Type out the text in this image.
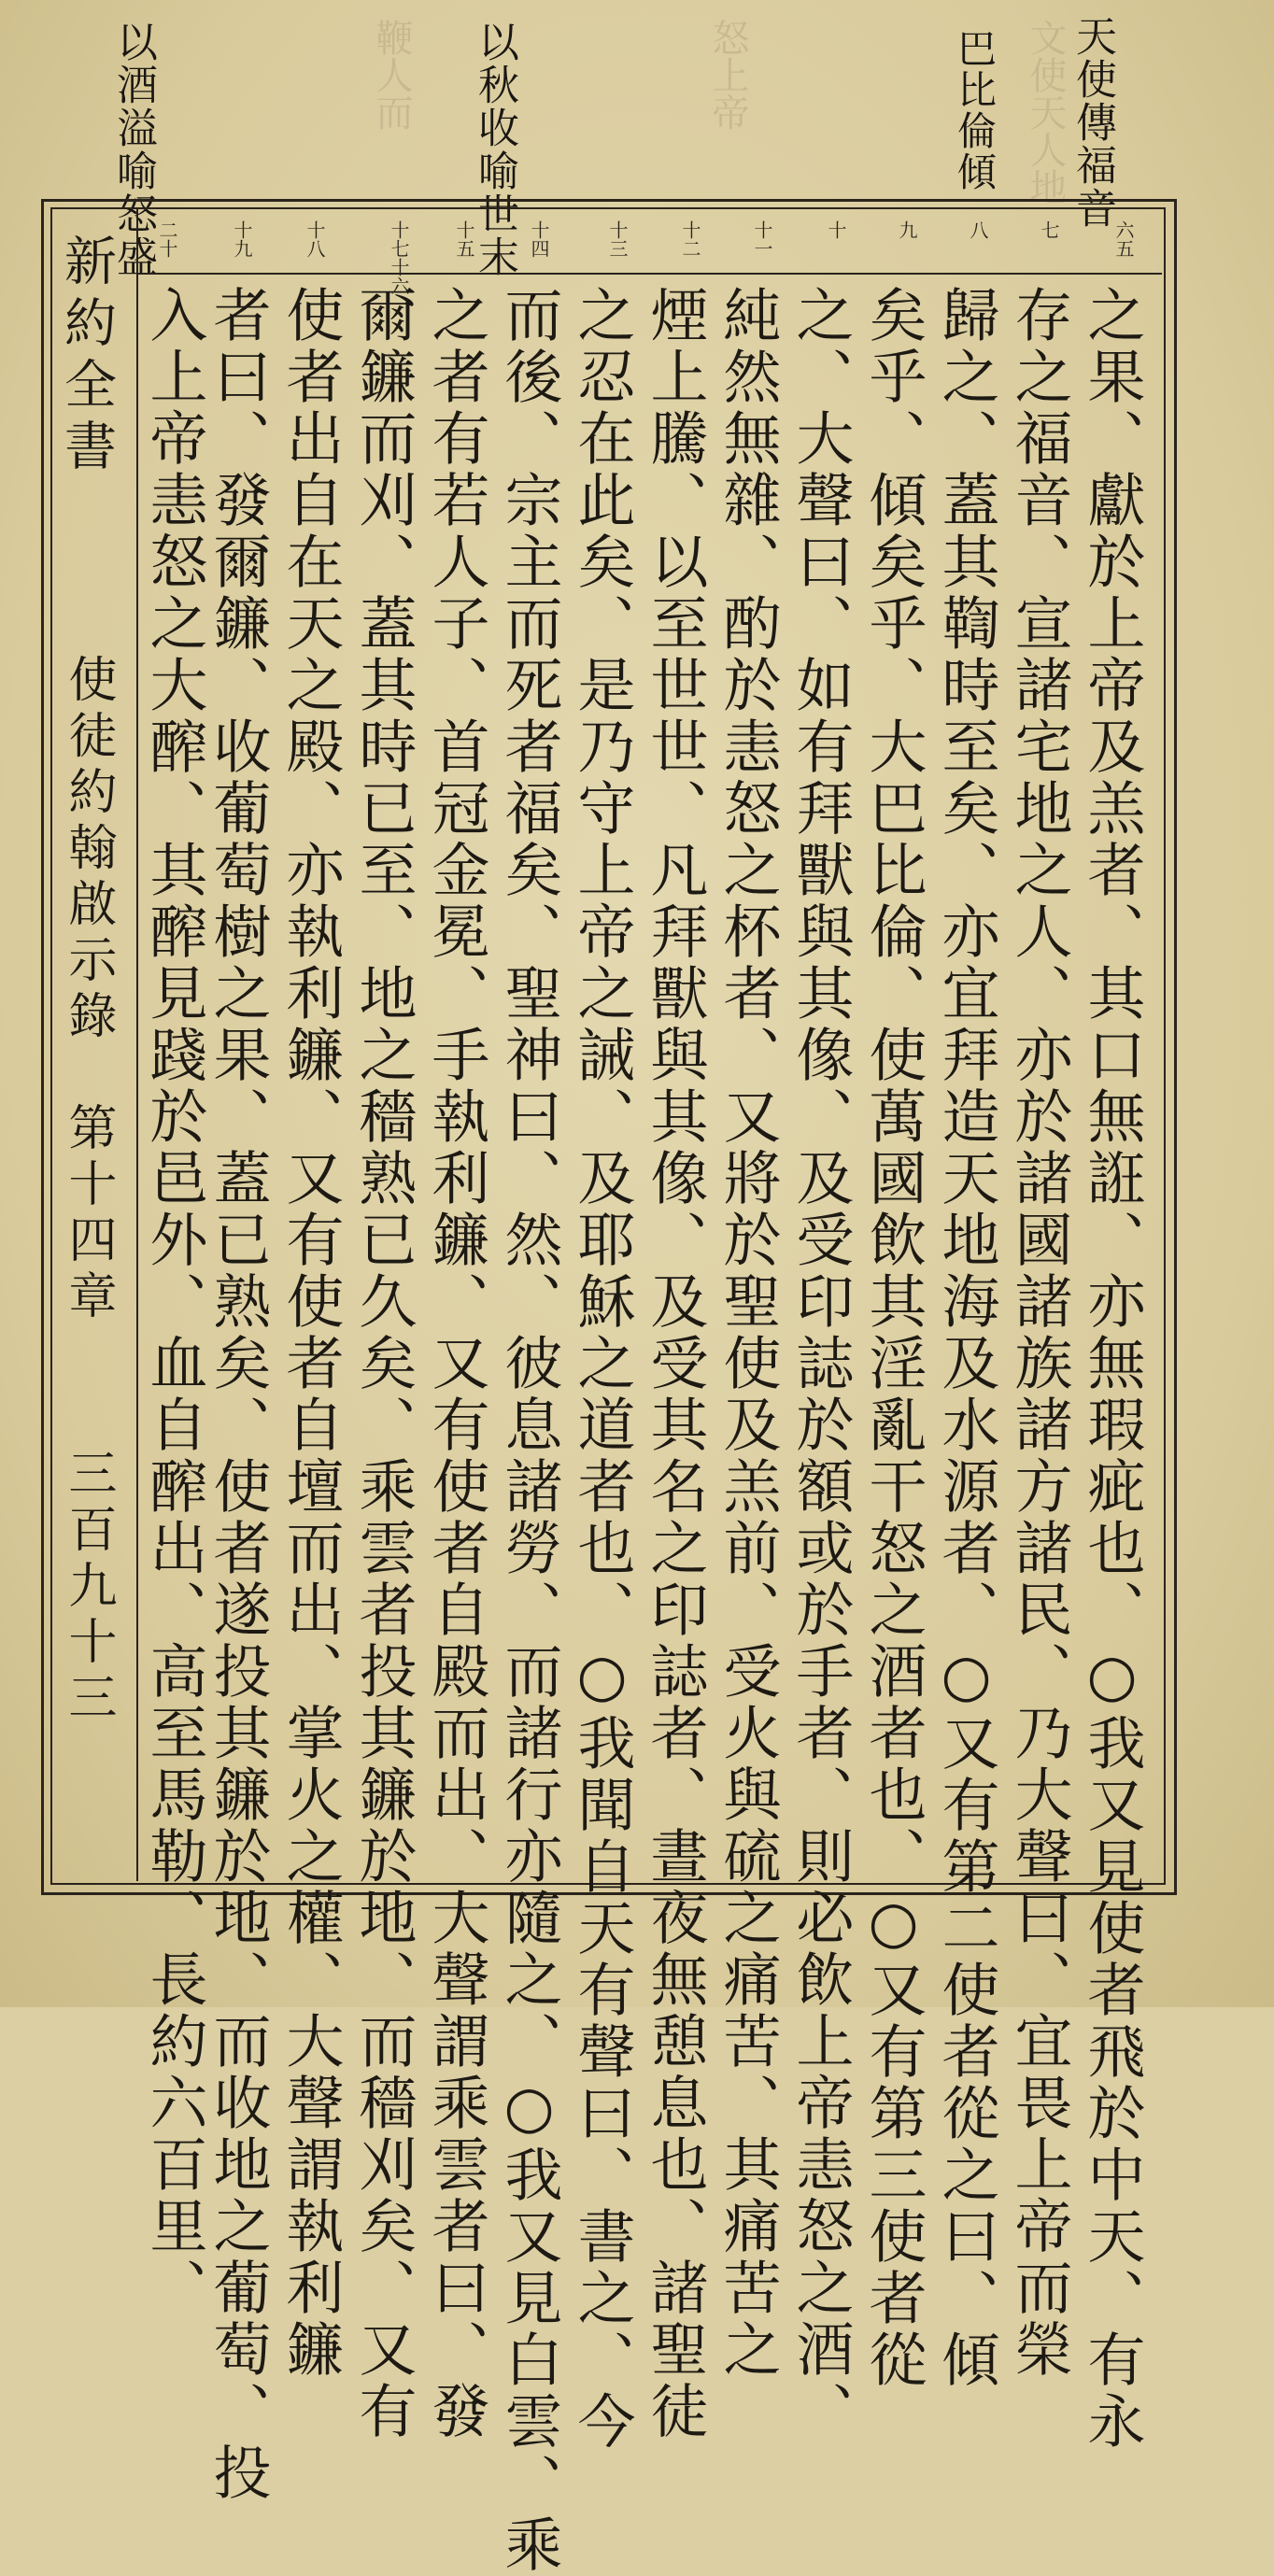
天使傳福音
巴比倫傾
以秋收喻世末
以酒溢喻怒盛	文使天人地
怒上帝
鞭人而
六五
七
八
九
十
十一
十二
十三
十四
十五
十七十六
十八
十九
二十
之果、獻於上帝及羔者、其口無誑、亦無瑕疵也、○我又見使者飛於中天、有永
存之福音、宣諸宅地之人、亦於諸國諸族諸方諸民、乃大聲曰、宜畏上帝而榮
歸之、蓋其鞫時至矣、亦宜拜造天地海及水源者、○又有第二使者從之曰、傾
矣乎、傾矣乎、大巴比倫、使萬國飲其淫亂干怒之酒者也、○又有第三使者從
之、大聲曰、如有拜獸與其像、及受印誌於額或於手者、則必飲上帝恚怒之酒、
純然無雜、酌於恚怒之杯者、又將於聖使及羔前、受火與硫之痛苦、其痛苦之
煙上騰、以至世世、凡拜獸與其像、及受其名之印誌者、晝夜無憩息也、諸聖徒
之忍在此矣、是乃守上帝之誡、及耶穌之道者也、○我聞自天有聲曰、書之、今
而後、宗主而死者福矣、聖神曰、然、彼息諸勞、而諸行亦隨之、○我又見白雲、乘
之者有若人子、首冠金冕、手執利鐮、又有使者自殿而出、大聲謂乘雲者曰、發
爾鐮而刈、蓋其時已至、地之穡熟已久矣、乘雲者投其鐮於地、而穡刈矣、又有
使者出自在天之殿、亦執利鐮、又有使者自壇而出、掌火之權、大聲謂執利鐮
者曰、發爾鐮、收葡萄樹之果、蓋已熟矣、使者遂投其鐮於地、而收地之葡萄、投
入上帝恚怒之大醡、其醡見踐於邑外、血自醡出、高至馬勒、長約六百里、
新約全書
使徒約翰啟示錄　第十四章
三百九十三
